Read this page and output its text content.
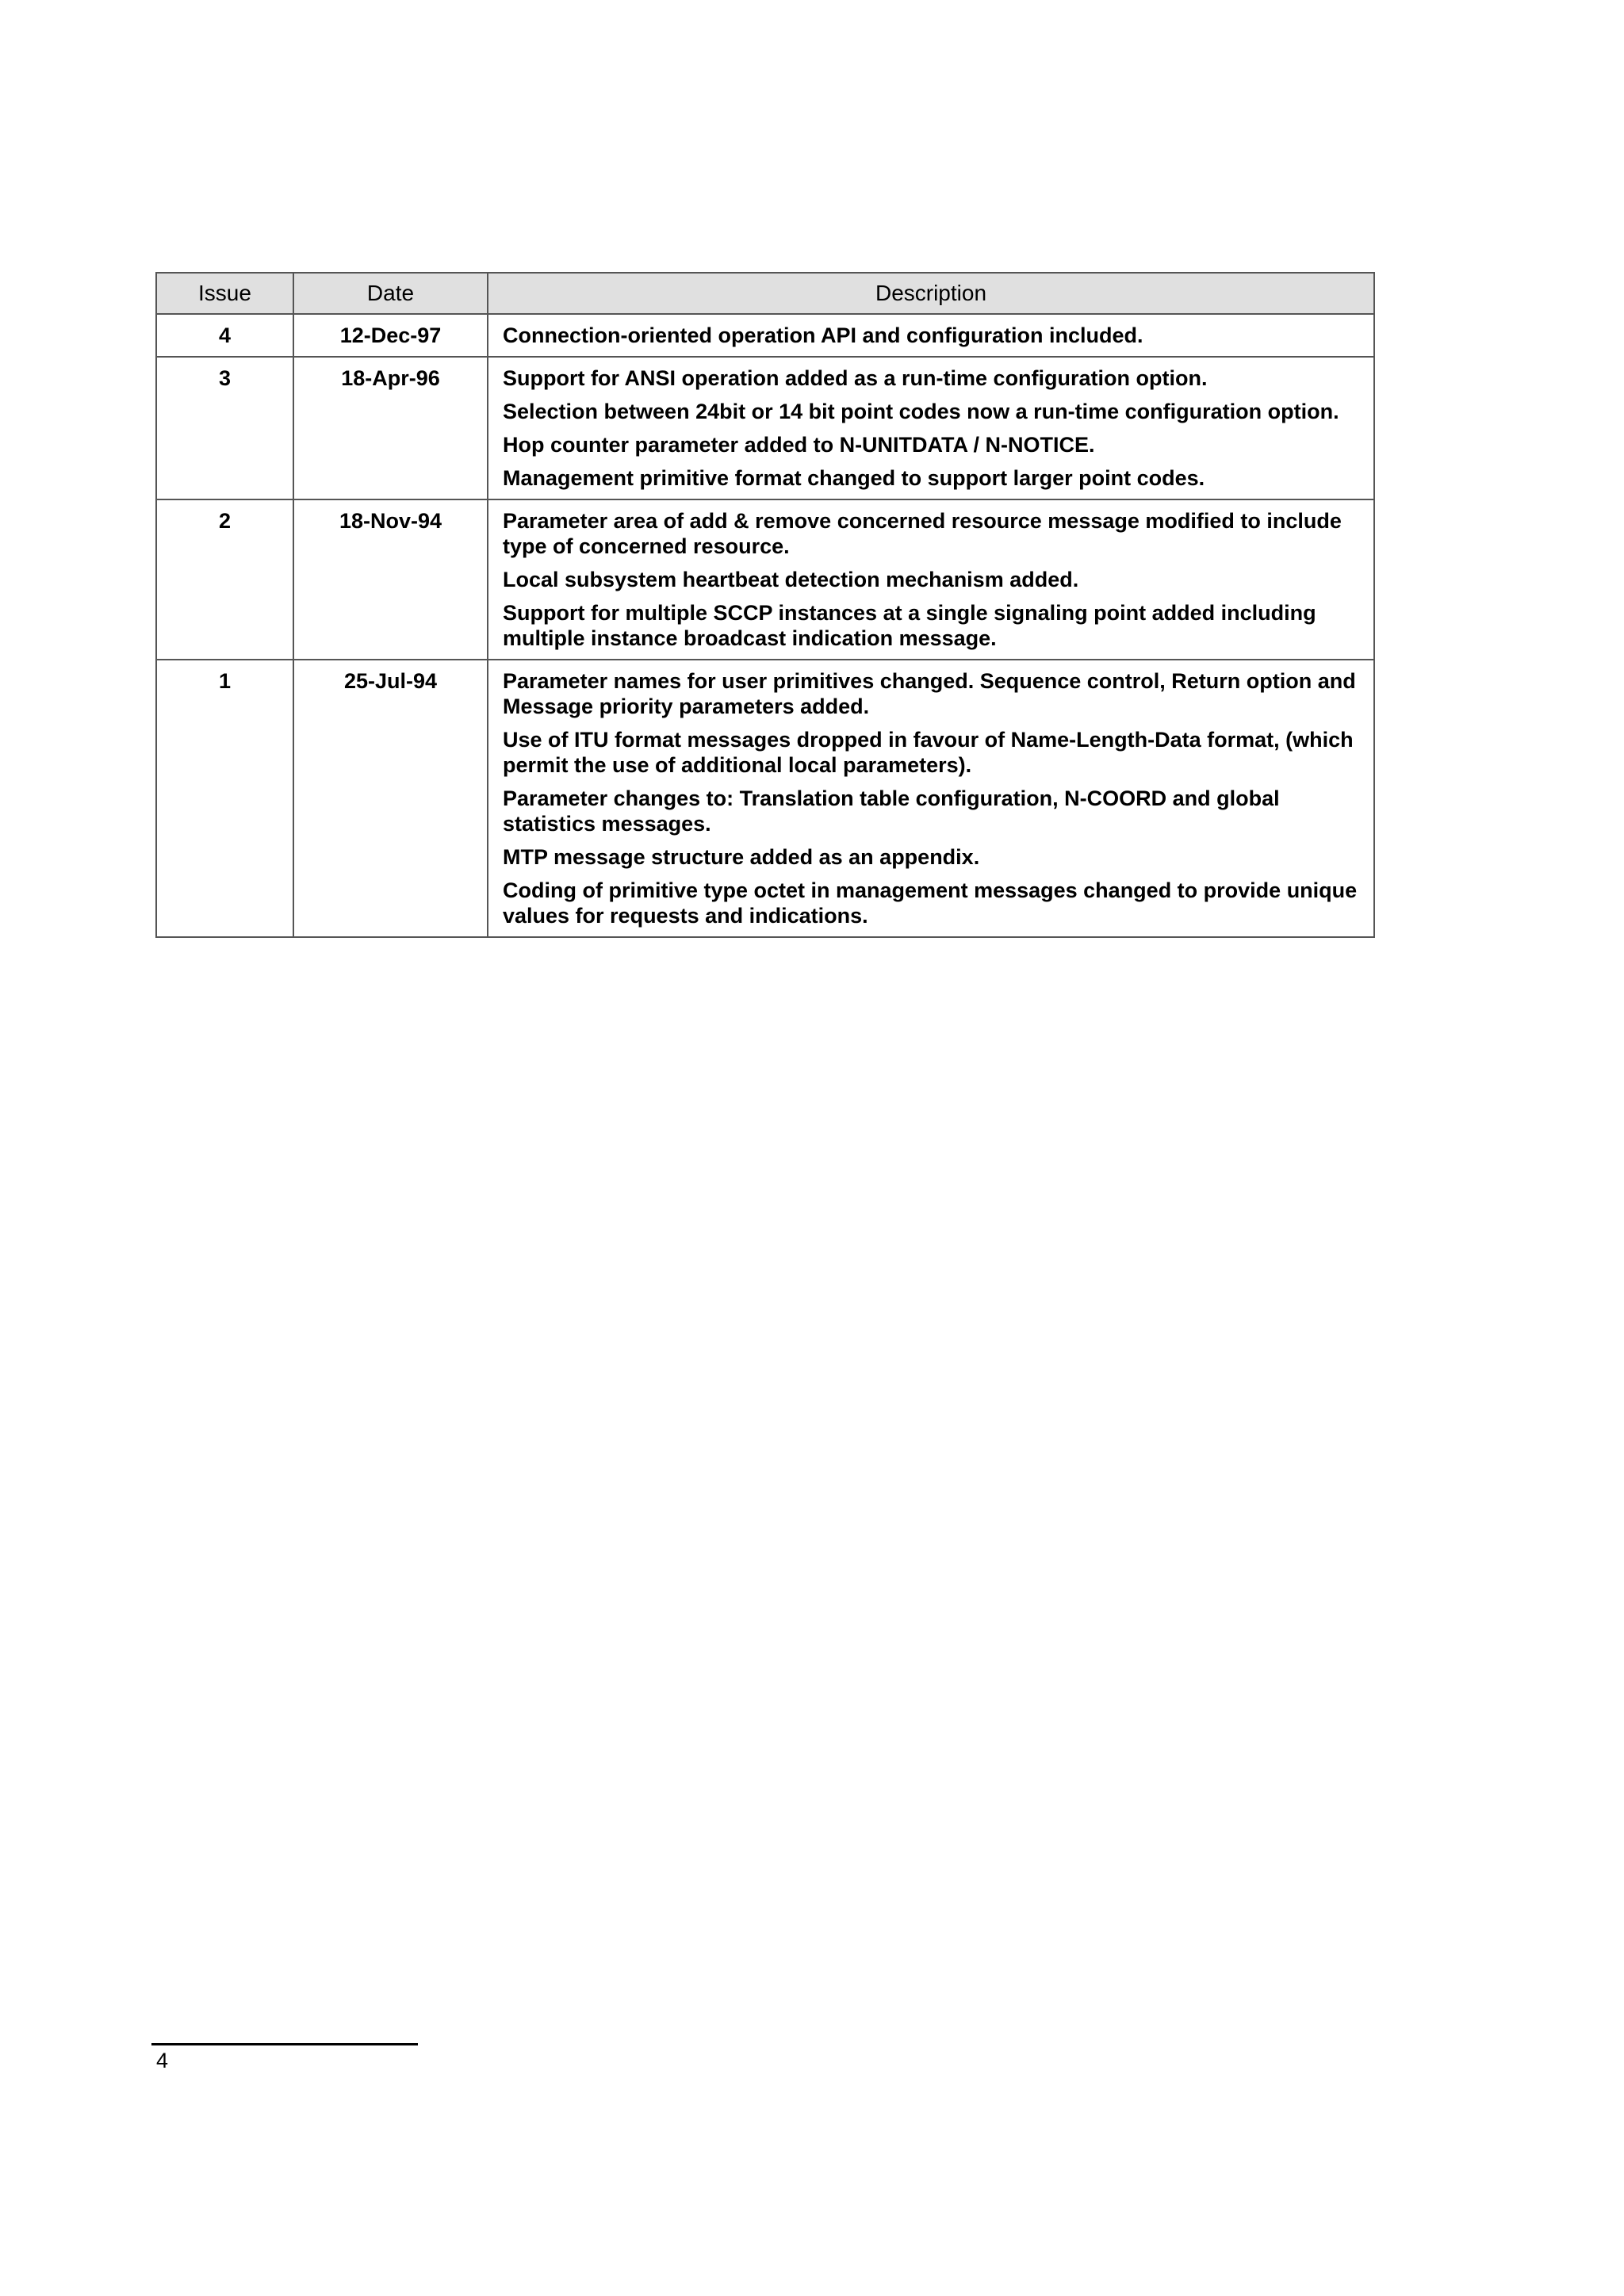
Issue	Date	Description
4	12-Dec-97	Connection-oriented operation API and configuration included.

3	18-Apr-96	Support for ANSI operation added as a run-time configuration option.
Selection between 24bit or 14 bit point codes now a run-time configuration option.
Hop counter parameter added to N-UNITDATA / N-NOTICE.
Management primitive format changed to support larger point codes.

2	18-Nov-94	Parameter area of add & remove concerned resource message modified to include type of concerned resource.
Local subsystem heartbeat detection mechanism added.
Support for multiple SCCP instances at a single signaling point added including multiple instance broadcast indication message.

1	25-Jul-94	Parameter names for user primitives changed. Sequence control, Return option and Message priority parameters added.
Use of ITU format messages dropped in favour of Name-Length-Data format, (which permit the use of additional local parameters).
Parameter changes to: Translation table configuration, N-COORD and global statistics messages.
MTP message structure added as an appendix.
Coding of primitive type octet in management messages changed to provide unique values for requests and indications.
4
